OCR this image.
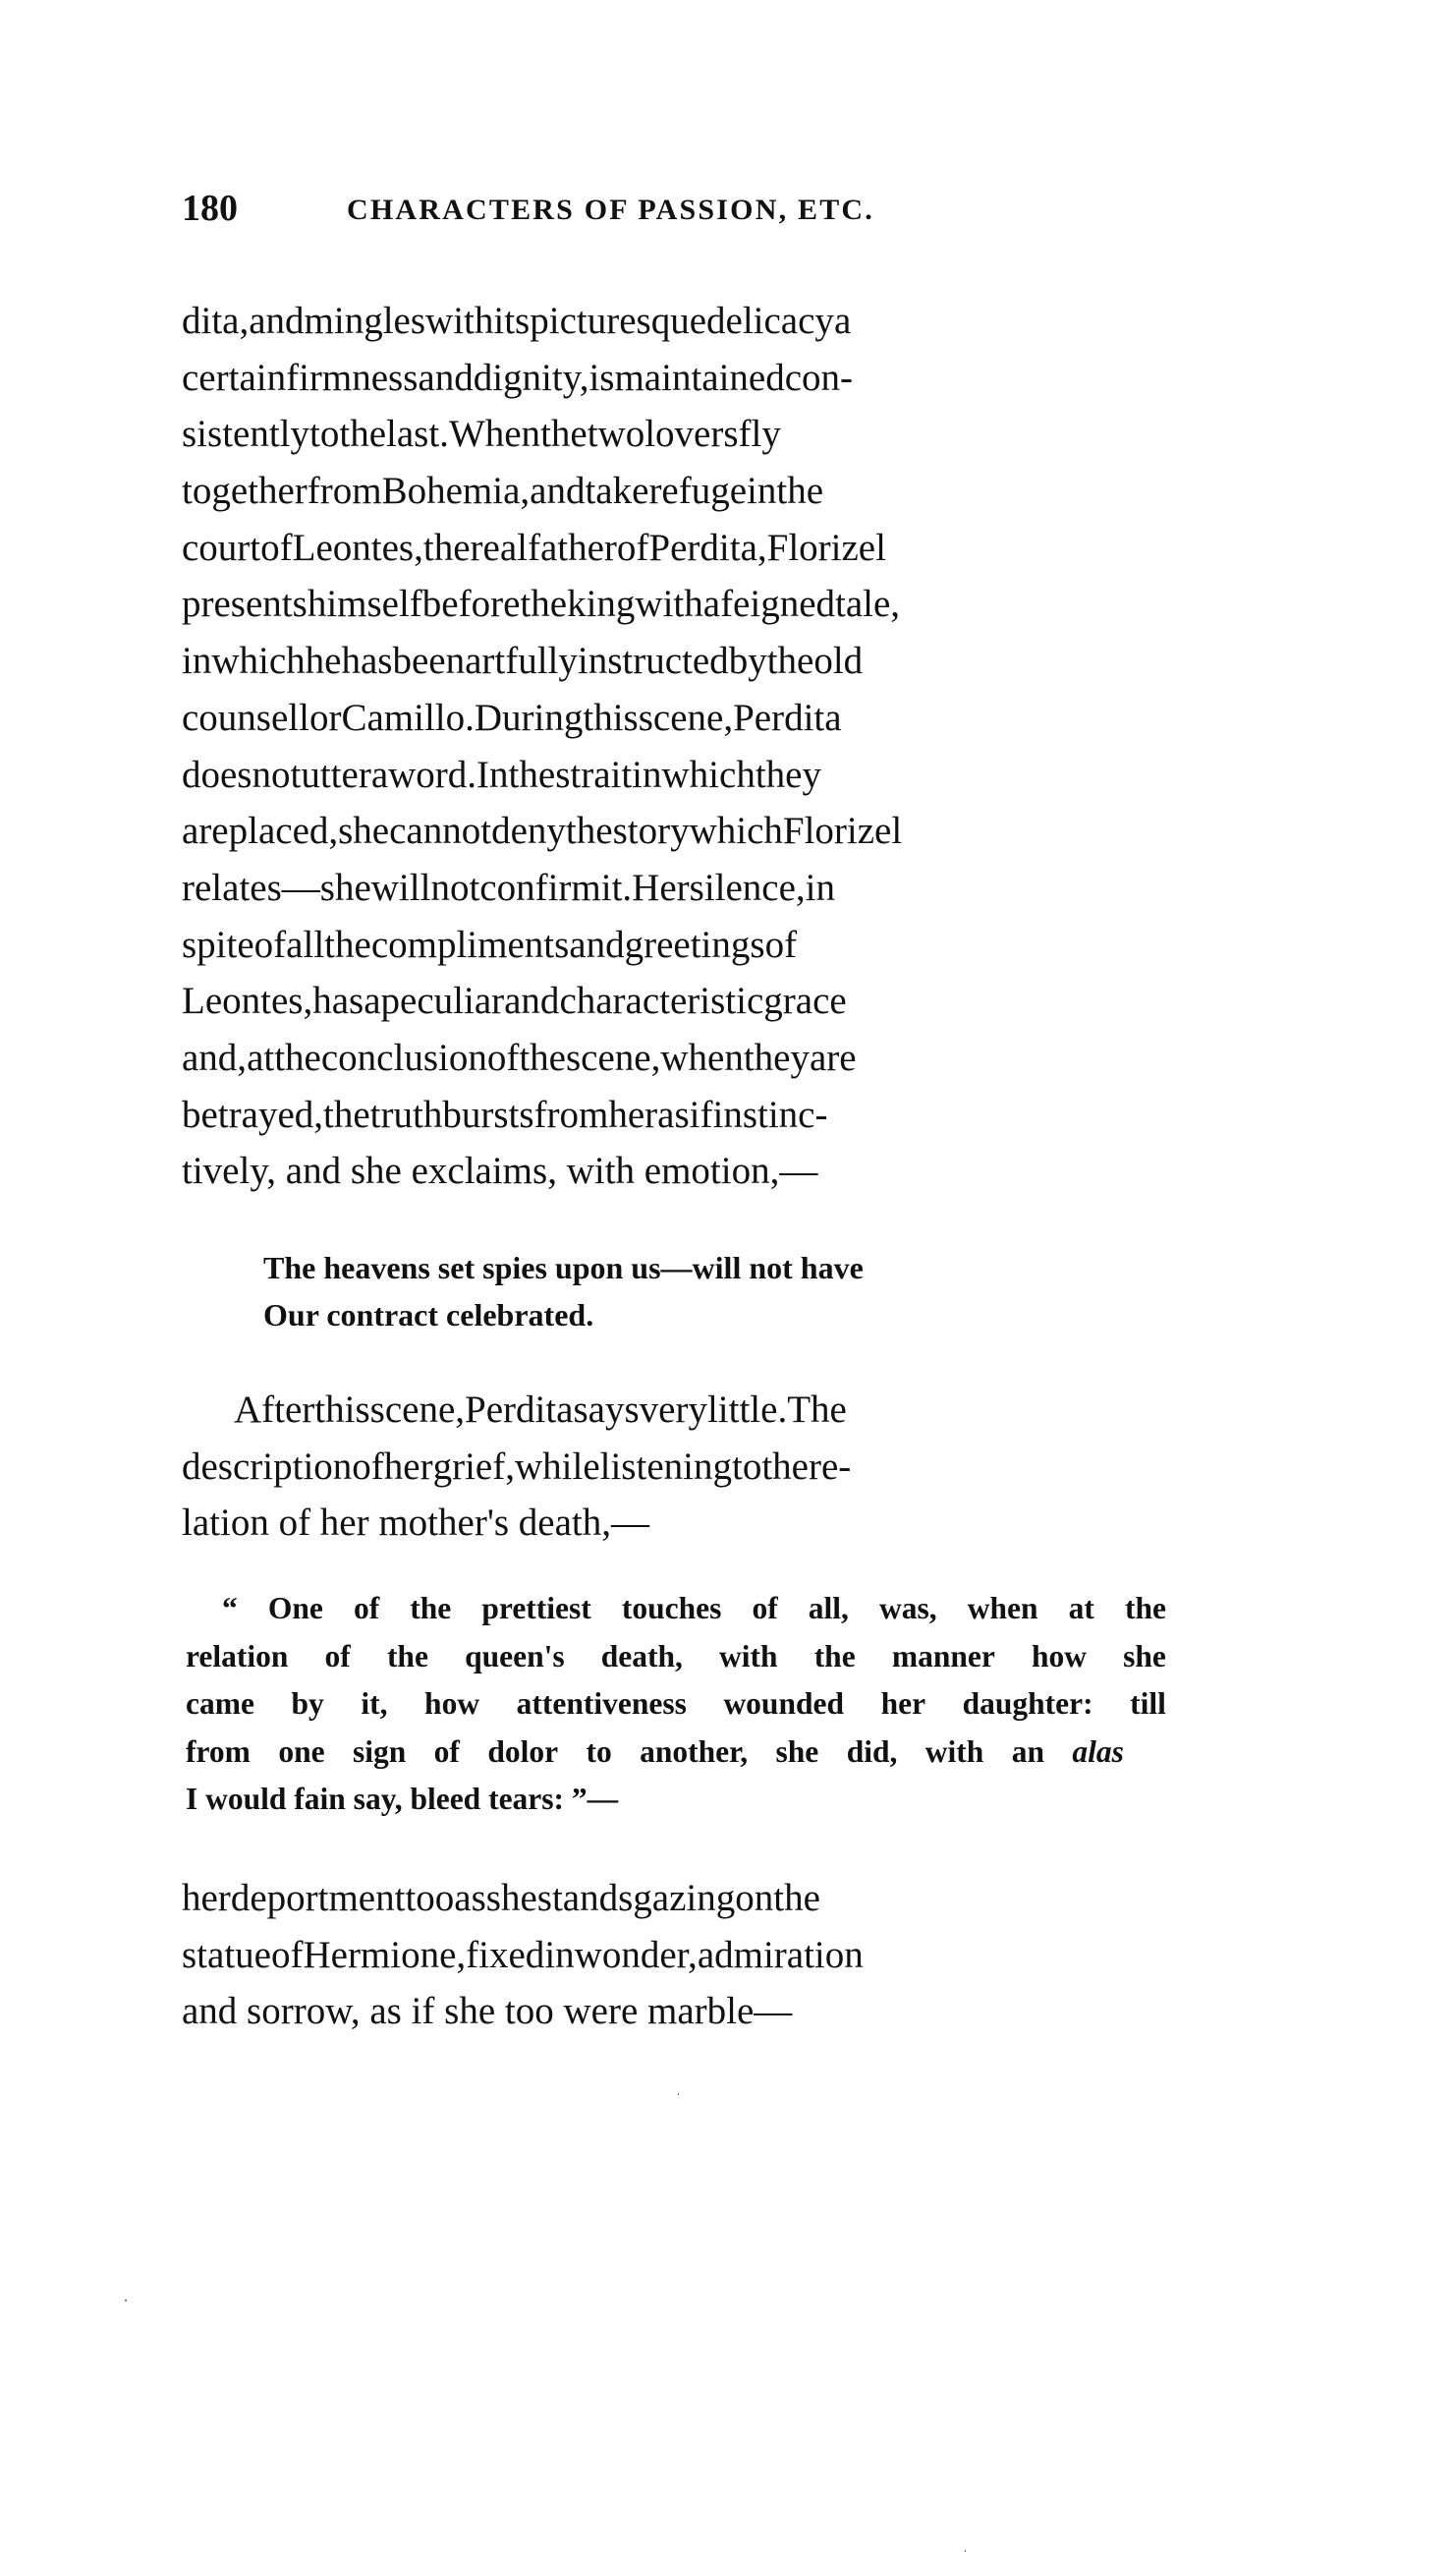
180	CHARACTERS OF PASSION, ETC.
dita,andmingleswithitspicturesquedelicacya
certainfirmnessanddignity,ismaintainedcon-
sistentlytothelast.Whenthetwoloversfly
togetherfromBohemia,andtakerefugeinthe
courtofLeontes,therealfatherofPerdita,Florizel
presentshimselfbeforethekingwithafeignedtale,
inwhichhehasbeenartfullyinstructedbytheold
counsellorCamillo.Duringthisscene,Perdita
doesnotutteraword.Inthestraitinwhichthey
areplaced,shecannotdenythestorywhichFlorizel
relates—shewillnotconfirmit.Hersilence,in
spiteofallthecomplimentsandgreetingsof
Leontes,hasapeculiarandcharacteristicgrace
and,attheconclusionofthescene,whentheyare
betrayed,thetruthburstsfromherasifinstinc-
tively, and she exclaims, with emotion,—
The heavens set spies upon us—will not have
Our contract celebrated.
Afterthisscene,Perditasaysverylittle.The
descriptionofhergrief,whilelisteningtothere-
lation of her mother's death,—
“ One of the prettiest touches of all, was, when at the
relation of the queen's death, with the manner how she
came by it, how attentiveness wounded her daughter: till
from one sign of dolor to another, she did, with an alas
I would fain say, bleed tears: ”—
herdeportmenttooasshestandsgazingonthe
statueofHermione,fixedinwonder,admiration
and sorrow, as if she too were marble—
